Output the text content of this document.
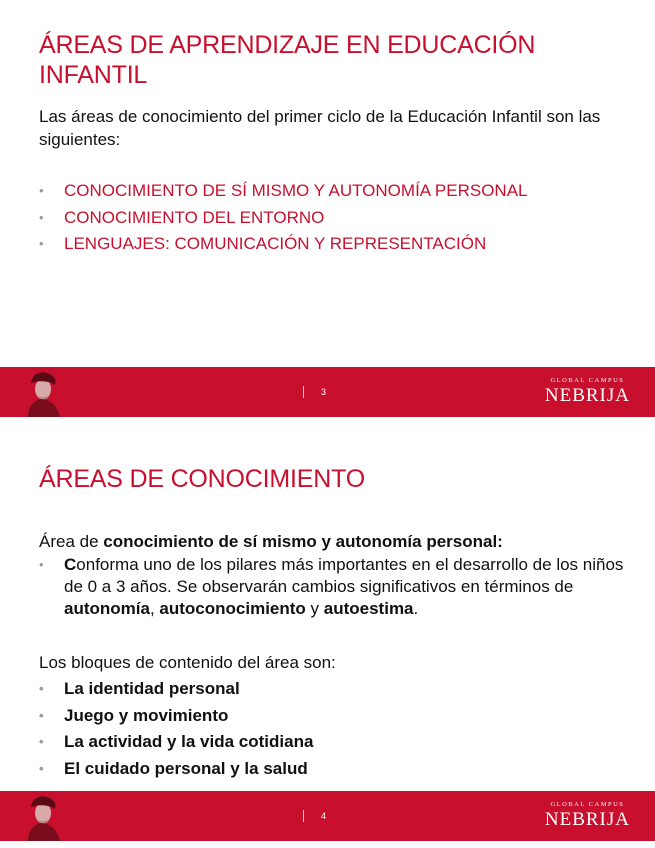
ÁREAS DE APRENDIZAJE EN EDUCACIÓN INFANTIL

Las áreas de conocimiento del primer ciclo de la Educación Infantil son las siguientes:

• CONOCIMIENTO DE SÍ MISMO Y AUTONOMÍA PERSONAL
• CONOCIMIENTO DEL ENTORNO
• LENGUAJES: COMUNICACIÓN Y REPRESENTACIÓN
3
GLOBAL CAMPUS
NEBRIJA
ÁREAS DE CONOCIMIENTO

Área de conocimiento de sí mismo y autonomía personal:

• Conforma uno de los pilares más importantes en el desarrollo de los niños de 0 a 3 años. Se observarán cambios significativos en términos de autonomía, autoconocimiento y autoestima.

Los bloques de contenido del área son:

• La identidad personal
• Juego y movimiento
• La actividad y la vida cotidiana
• El cuidado personal y la salud
4
GLOBAL CAMPUS
NEBRIJA
